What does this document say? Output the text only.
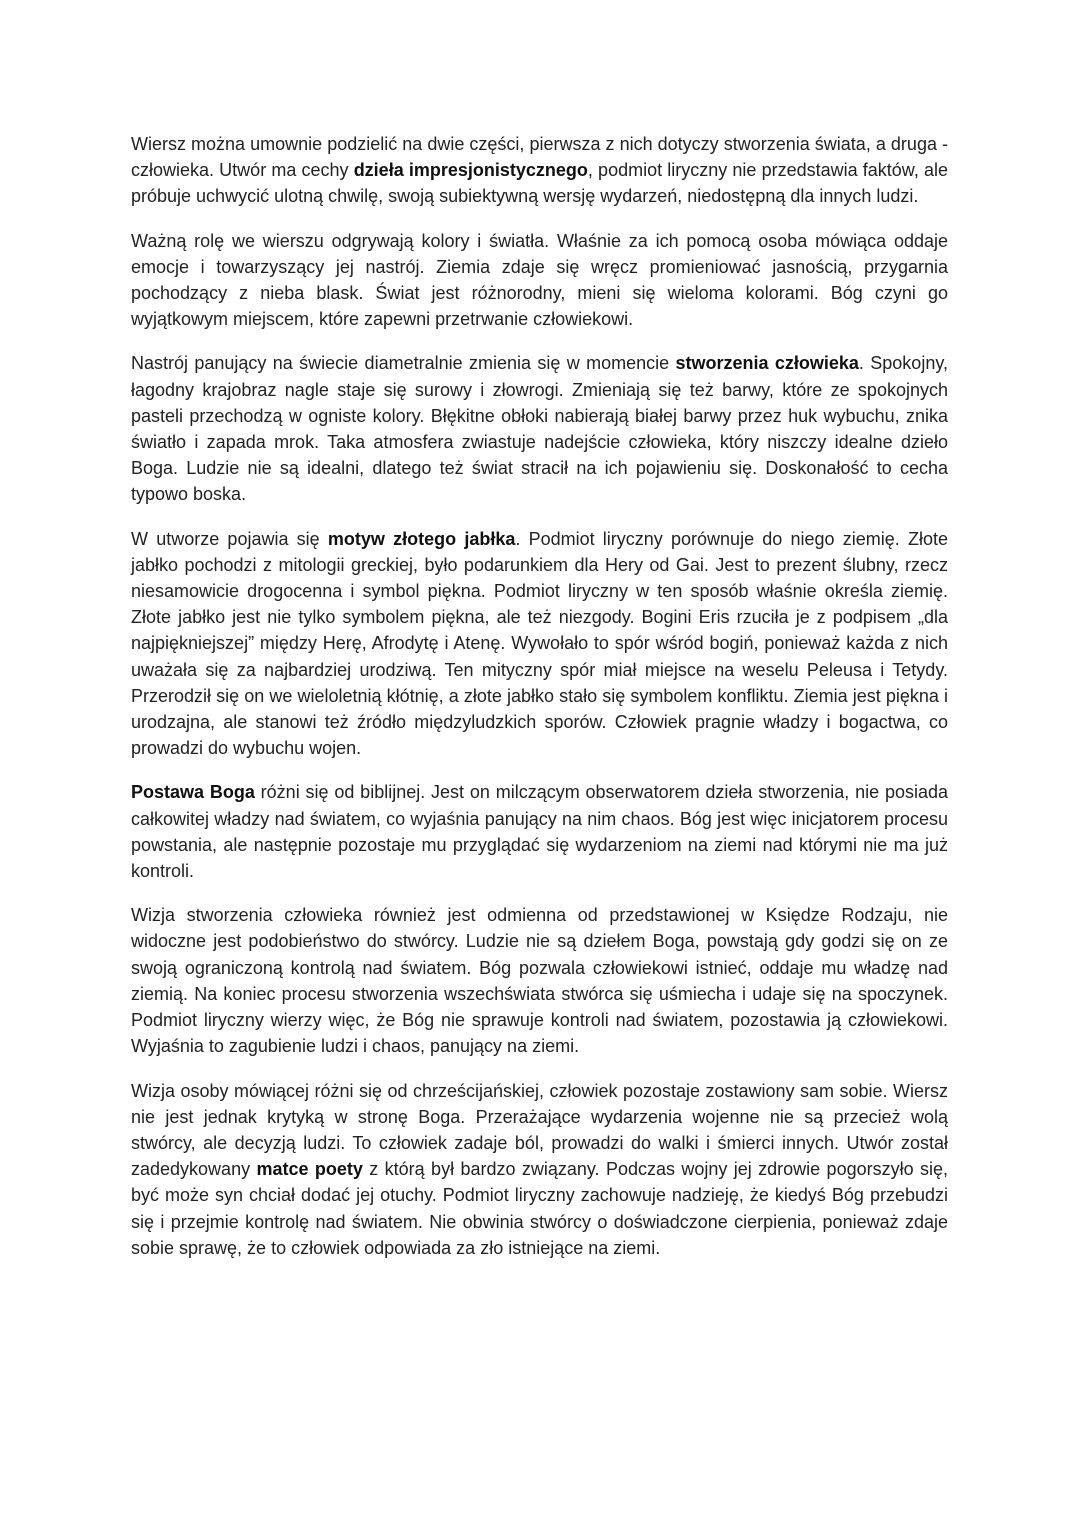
Wiersz można umownie podzielić na dwie części, pierwsza z nich dotyczy stworzenia świata, a druga - człowieka. Utwór ma cechy dzieła impresjonistycznego, podmiot liryczny nie przedstawia faktów, ale próbuje uchwycić ulotną chwilę, swoją subiektywną wersję wydarzeń, niedostępną dla innych ludzi.

Ważną rolę we wierszu odgrywają kolory i światła. Właśnie za ich pomocą osoba mówiąca oddaje emocje i towarzyszący jej nastrój. Ziemia zdaje się wręcz promieniować jasnością, przygarnia pochodzący z nieba blask. Świat jest różnorodny, mieni się wieloma kolorami. Bóg czyni go wyjątkowym miejscem, które zapewni przetrwanie człowiekowi.

Nastrój panujący na świecie diametralnie zmienia się w momencie stworzenia człowieka. Spokojny, łagodny krajobraz nagle staje się surowy i złowrogi. Zmieniają się też barwy, które ze spokojnych pasteli przechodzą w ogniste kolory. Błękitne obłoki nabierają białej barwy przez huk wybuchu, znika światło i zapada mrok. Taka atmosfera zwiastuje nadejście człowieka, który niszczy idealne dzieło Boga. Ludzie nie są idealni, dlatego też świat stracił na ich pojawieniu się. Doskonałość to cecha typowo boska.

W utworze pojawia się motyw złotego jabłka. Podmiot liryczny porównuje do niego ziemię. Złote jabłko pochodzi z mitologii greckiej, było podarunkiem dla Hery od Gai. Jest to prezent ślubny, rzecz niesamowicie drogocenna i symbol piękna. Podmiot liryczny w ten sposób właśnie określa ziemię. Złote jabłko jest nie tylko symbolem piękna, ale też niezgody. Bogini Eris rzuciła je z podpisem „dla najpiękniejszej” między Herę, Afrodytę i Atenę. Wywołało to spór wśród bogiń, ponieważ każda z nich uważała się za najbardziej urodziwą. Ten mityczny spór miał miejsce na weselu Peleusa i Tetydy. Przerodził się on we wieloletnią kłótnię, a złote jabłko stało się symbolem konfliktu. Ziemia jest piękna i urodzajna, ale stanowi też źródło międzyludzkich sporów. Człowiek pragnie władzy i bogactwa, co prowadzi do wybuchu wojen.

Postawa Boga różni się od biblijnej. Jest on milczącym obserwatorem dzieła stworzenia, nie posiada całkowitej władzy nad światem, co wyjaśnia panujący na nim chaos. Bóg jest więc inicjatorem procesu powstania, ale następnie pozostaje mu przyglądać się wydarzeniom na ziemi nad którymi nie ma już kontroli.

Wizja stworzenia człowieka również jest odmienna od przedstawionej w Księdze Rodzaju, nie widoczne jest podobieństwo do stwórcy. Ludzie nie są dziełem Boga, powstają gdy godzi się on ze swoją ograniczoną kontrolą nad światem. Bóg pozwala człowiekowi istnieć, oddaje mu władzę nad ziemią. Na koniec procesu stworzenia wszechświata stwórca się uśmiecha i udaje się na spoczynek. Podmiot liryczny wierzy więc, że Bóg nie sprawuje kontroli nad światem, pozostawia ją człowiekowi. Wyjaśnia to zagubienie ludzi i chaos, panujący na ziemi.

Wizja osoby mówiącej różni się od chrześcijańskiej, człowiek pozostaje zostawiony sam sobie. Wiersz nie jest jednak krytyką w stronę Boga. Przerażające wydarzenia wojenne nie są przecież wolą stwórcy, ale decyzją ludzi. To człowiek zadaje ból, prowadzi do walki i śmierci innych. Utwór został zadedykowany matce poety z którą był bardzo związany. Podczas wojny jej zdrowie pogorszyło się, być może syn chciał dodać jej otuchy. Podmiot liryczny zachowuje nadzieję, że kiedyś Bóg przebudzi się i przejmie kontrolę nad światem. Nie obwinia stwórcy o doświadczone cierpienia, ponieważ zdaje sobie sprawę, że to człowiek odpowiada za zło istniejące na ziemi.
